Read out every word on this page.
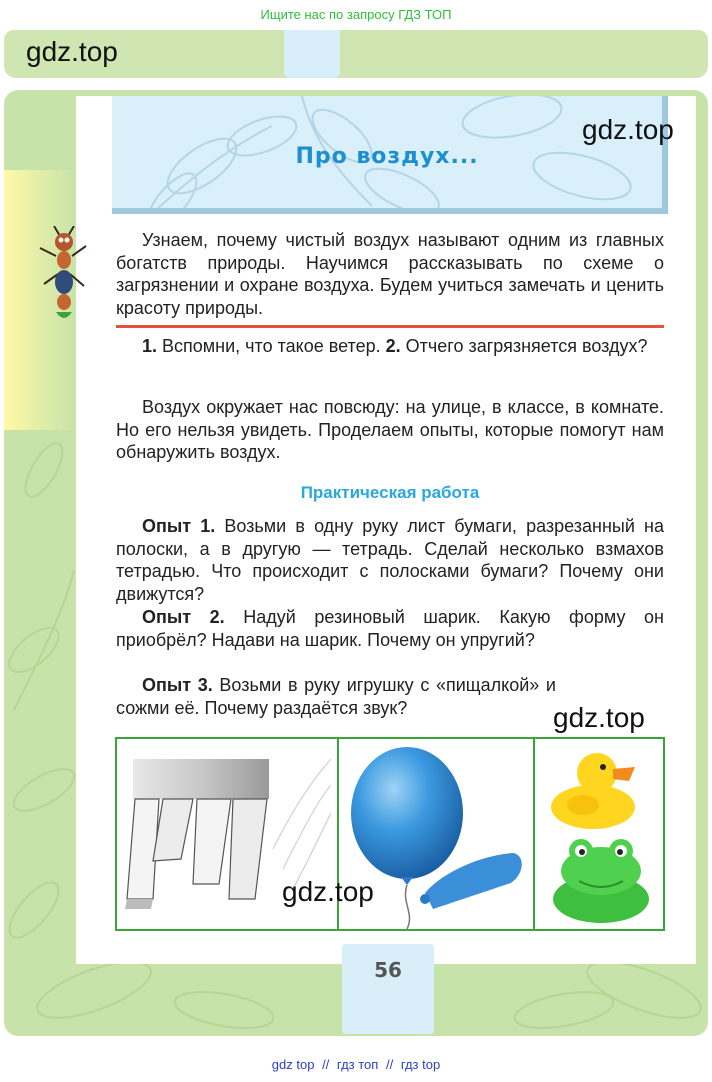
Ищите нас по запросу ГДЗ ТОП
gdz.top
Про воздух...
gdz.top
Узнаем, почему чистый воздух называют одним из главных богатств природы. Научимся рассказывать по схеме о загрязнении и охране воздуха. Будем учиться замечать и ценить красоту природы.
1. Вспомни, что такое ветер. 2. Отчего загрязняется воздух?
Воздух окружает нас повсюду: на улице, в классе, в комнате. Но его нельзя увидеть. Проделаем опыты, которые помогут нам обнаружить воздух.
Практическая работа
Опыт 1. Возьми в одну руку лист бумаги, разрезанный на полоски, а в другую — тетрадь. Сделай несколько взмахов тетрадью. Что происходит с полосками бумаги? Почему они движутся?
Опыт 2. Надуй резиновый шарик. Какую форму он приобрёл? Надави на шарик. Почему он упругий?
Опыт 3. Возьми в руку игрушку с «пищалкой» и сожми её. Почему раздаётся звук?	gdz.top
gdz.top
56
gdz top // гдз топ // гдз top
